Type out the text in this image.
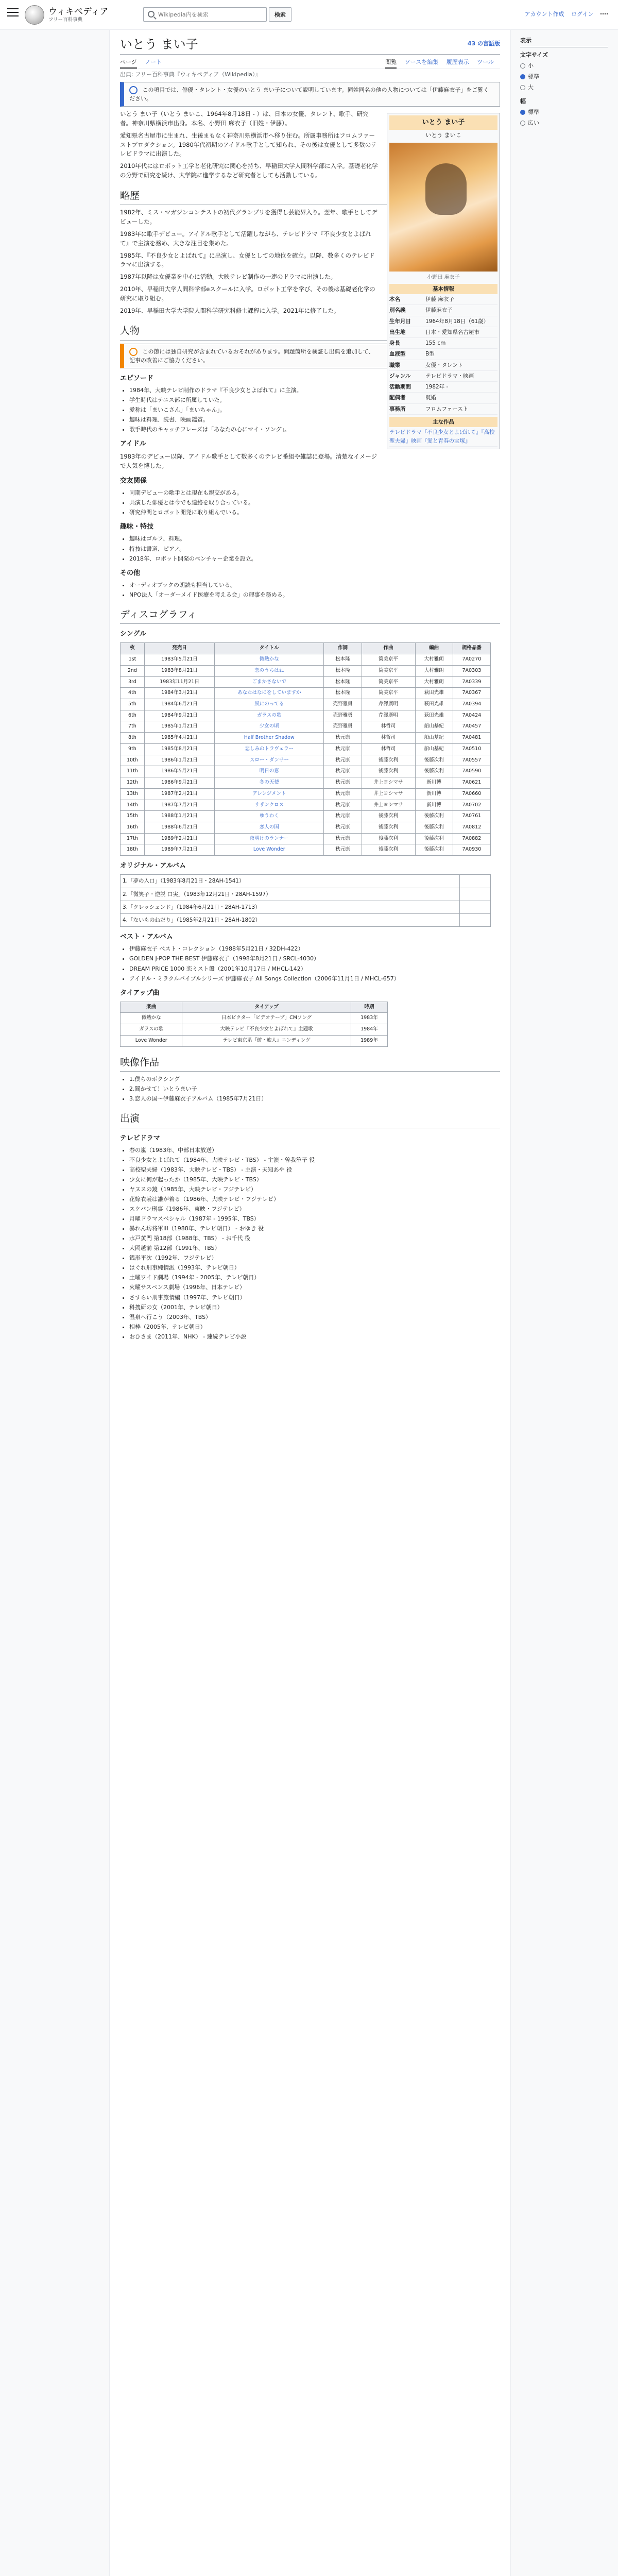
ウィキペディア
フリー百科事典
Wikipedia内を検索
検索	アカウント作成 ログイン
いとう まい子	43 の言語版
ページ ノート	閲覧 ソースを編集 履歴表示 ツール
出典: フリー百科事典『ウィキペディア（Wikipedia）』
この項目では、俳優・タレント・女優のいとう まい子について説明しています。同姓同名の他の人物については「伊藤麻衣子」をご覧ください。
いとう まい子
いとう まいこ
小野田 麻衣子
基本情報
本名	伊藤 麻衣子
別名義	伊藤麻衣子
生年月日	1964年8月18日（61歳）
出生地	日本・愛知県名古屋市
身長	155 cm
血液型	B型
職業	女優・タレント
ジャンル	テレビドラマ・映画
活動期間	1982年 -
配偶者	既婚
事務所	フロムファースト
主な作品
テレビドラマ『不良少女とよばれて』『高校聖夫婦』映画『愛と青春の宝塚』

いとう まい子（いとう まいこ、1964年8月18日 - ）は、日本の女優、タレント、歌手、研究者。神奈川県横浜市出身。本名、小野田 麻衣子（旧姓・伊藤）。

愛知県名古屋市に生まれ、生後まもなく神奈川県横浜市へ移り住む。所属事務所はフロムファーストプロダクション。1980年代初期のアイドル歌手として知られ、その後は女優として多数のテレビドラマに出演した。

2010年代にはロボット工学と老化研究に関心を持ち、早稲田大学人間科学部に入学。基礎老化学の分野で研究を続け、大学院に進学するなど研究者としても活動している。

略歴

1982年、ミス・マガジンコンテストの初代グランプリを獲得し芸能界入り。翌年、歌手としてデビューした。

1983年に歌手デビュー。アイドル歌手として活躍しながら、テレビドラマ『不良少女とよばれて』で主演を務め、大きな注目を集めた。

1985年、『不良少女とよばれて』に出演し、女優としての地位を確立。以降、数多くのテレビドラマに出演する。

1987年以降は女優業を中心に活動。大映テレビ制作の一連のドラマに出演した。

2010年、早稲田大学人間科学部eスクールに入学。ロボット工学を学び、その後は基礎老化学の研究に取り組む。

2019年、早稲田大学大学院人間科学研究科修士課程に入学。2021年に修了した。

人物
この節には独自研究が含まれているおそれがあります。問題箇所を検証し出典を追加して、記事の改善にご協力ください。
エピソード
• 1984年、大映テレビ制作のドラマ『不良少女とよばれて』に主演。
• 学生時代はテニス部に所属していた。
• 愛称は「まいこさん」「まいちゃん」。
• 趣味は料理、読書、映画鑑賞。
• 歌手時代のキャッチフレーズは「あなたの心にマイ・ソング」。
アイドル

1983年のデビュー以降、アイドル歌手として数多くのテレビ番組や雑誌に登場。清楚なイメージで人気を博した。

交友関係
• 同期デビューの歌手とは現在も親交がある。
• 共演した俳優とは今でも連絡を取り合っている。
• 研究仲間とロボット開発に取り組んでいる。
趣味・特技
• 趣味はゴルフ、料理。
• 特技は書道、ピアノ。
• 2018年、ロボット開発のベンチャー企業を設立。
その他
• オーディオブックの朗読も担当している。
• NPO法人「オーダーメイド医療を考える会」の理事を務める。
ディスコグラフィ
シングル
枚	発売日	タイトル	作詞	作曲	編曲	規格品番
1st	1983年5月21日	微熱かな	松本隆	筒美京平	大村雅朗	7A0270
2nd	1983年8月21日	恋のうちはね	松本隆	筒美京平	大村雅朗	7A0303
3rd	1983年11月21日	ごまかさないで	松本隆	筒美京平	大村雅朗	7A0339
4th	1984年3月21日	あなたはなにをしていますか	松本隆	筒美京平	萩田光雄	7A0367
5th	1984年6月21日	風にのってる	売野雅勇	芹澤廣明	萩田光雄	7A0394
6th	1984年9月21日	ガラスの歌	売野雅勇	芹澤廣明	萩田光雄	7A0424
7th	1985年1月21日	少女の頃	売野雅勇	林哲司	船山基紀	7A0457
8th	1985年4月21日	Half Brother Shadow	秋元康	林哲司	船山基紀	7A0481
9th	1985年8月21日	悲しみのトラヴェラー	秋元康	林哲司	船山基紀	7A0510
10th	1986年1月21日	スロー・ダンサー	秋元康	後藤次利	後藤次利	7A0557
11th	1986年5月21日	明日の窓	秋元康	後藤次利	後藤次利	7A0590
12th	1986年9月21日	冬の天使	秋元康	井上ヨシマサ	新川博	7A0621
13th	1987年2月21日	アレンジメント	秋元康	井上ヨシマサ	新川博	7A0660
14th	1987年7月21日	サザンクロス	秋元康	井上ヨシマサ	新川博	7A0702
15th	1988年1月21日	ゆうわく	秋元康	後藤次利	後藤次利	7A0761
16th	1988年6月21日	恋人の国	秋元康	後藤次利	後藤次利	7A0812
17th	1989年2月21日	夜明けのランナー	秋元康	後藤次利	後藤次利	7A0882
18th	1989年7月21日	Love Wonder	秋元康	後藤次利	後藤次利	7A0930
オリジナル・アルバム
1.「夢の入口」（1983年8月21日・28AH-1541）	

2.「微笑子・逆説 口実」（1983年12月21日・28AH-1597）	

3.「クレッシェンド」（1984年6月21日・28AH-1713）	

4.「ないものねだり」（1985年2月21日・28AH-1802）	
ベスト・アルバム
• 伊藤麻衣子 ベスト・コレクション（1988年5月21日 / 32DH-422）
• GOLDEN J-POP THE BEST 伊藤麻衣子（1998年8月21日 / SRCL-4030）
• DREAM PRICE 1000 恋ミスト盤（2001年10月17日 / MHCL-142）
• アイドル・ミラクルバイブルシリーズ 伊藤麻衣子 All Songs Collection（2006年11月1日 / MHCL-657）
タイアップ曲
楽曲	タイアップ	時期
微熱かな	日本ビクター「ビデオテープ」CMソング	1983年
ガラスの歌	大映テレビ『不良少女とよばれて』主題歌	1984年
Love Wonder	テレビ東京系『遊・旅人』エンディング	1989年
映像作品
• 1.僕らのボクシング
• 2.聞かせて！いとうまい子
• 3.恋人の国〜伊藤麻衣子アルバム（1985年7月21日）
出演
テレビドラマ
• 春の嵐（1983年、中部日本放送）
• 不良少女とよばれて（1984年、大映テレビ・TBS） - 主演・曽我笙子 役
• 高校聖夫婦（1983年、大映テレビ・TBS） - 主演・天知あや 役
• 少女に何が起ったか（1985年、大映テレビ・TBS）
• ヤヌスの鏡（1985年、大映テレビ・フジテレビ）
• 花嫁衣裳は誰が着る（1986年、大映テレビ・フジテレビ）
• スケバン刑事（1986年、東映・フジテレビ）
• 月曜ドラマスペシャル（1987年 - 1995年、TBS）
• 暴れん坊将軍III（1988年、テレビ朝日） - おゆき 役
• 水戸黄門 第18部（1988年、TBS） - お千代 役
• 大岡越前 第12部（1991年、TBS）
• 銭形平次（1992年、フジテレビ）
• はぐれ刑事純情派（1993年、テレビ朝日）
• 土曜ワイド劇場（1994年 - 2005年、テレビ朝日）
• 火曜サスペンス劇場（1996年、日本テレビ）
• さすらい刑事旅情編（1997年、テレビ朝日）
• 科捜研の女（2001年、テレビ朝日）
• 温泉へ行こう（2003年、TBS）
• 相棒（2005年、テレビ朝日）
• おひさま（2011年、NHK） - 連続テレビ小説
表示
文字サイズ
小
標準
大
幅
標準
広い
